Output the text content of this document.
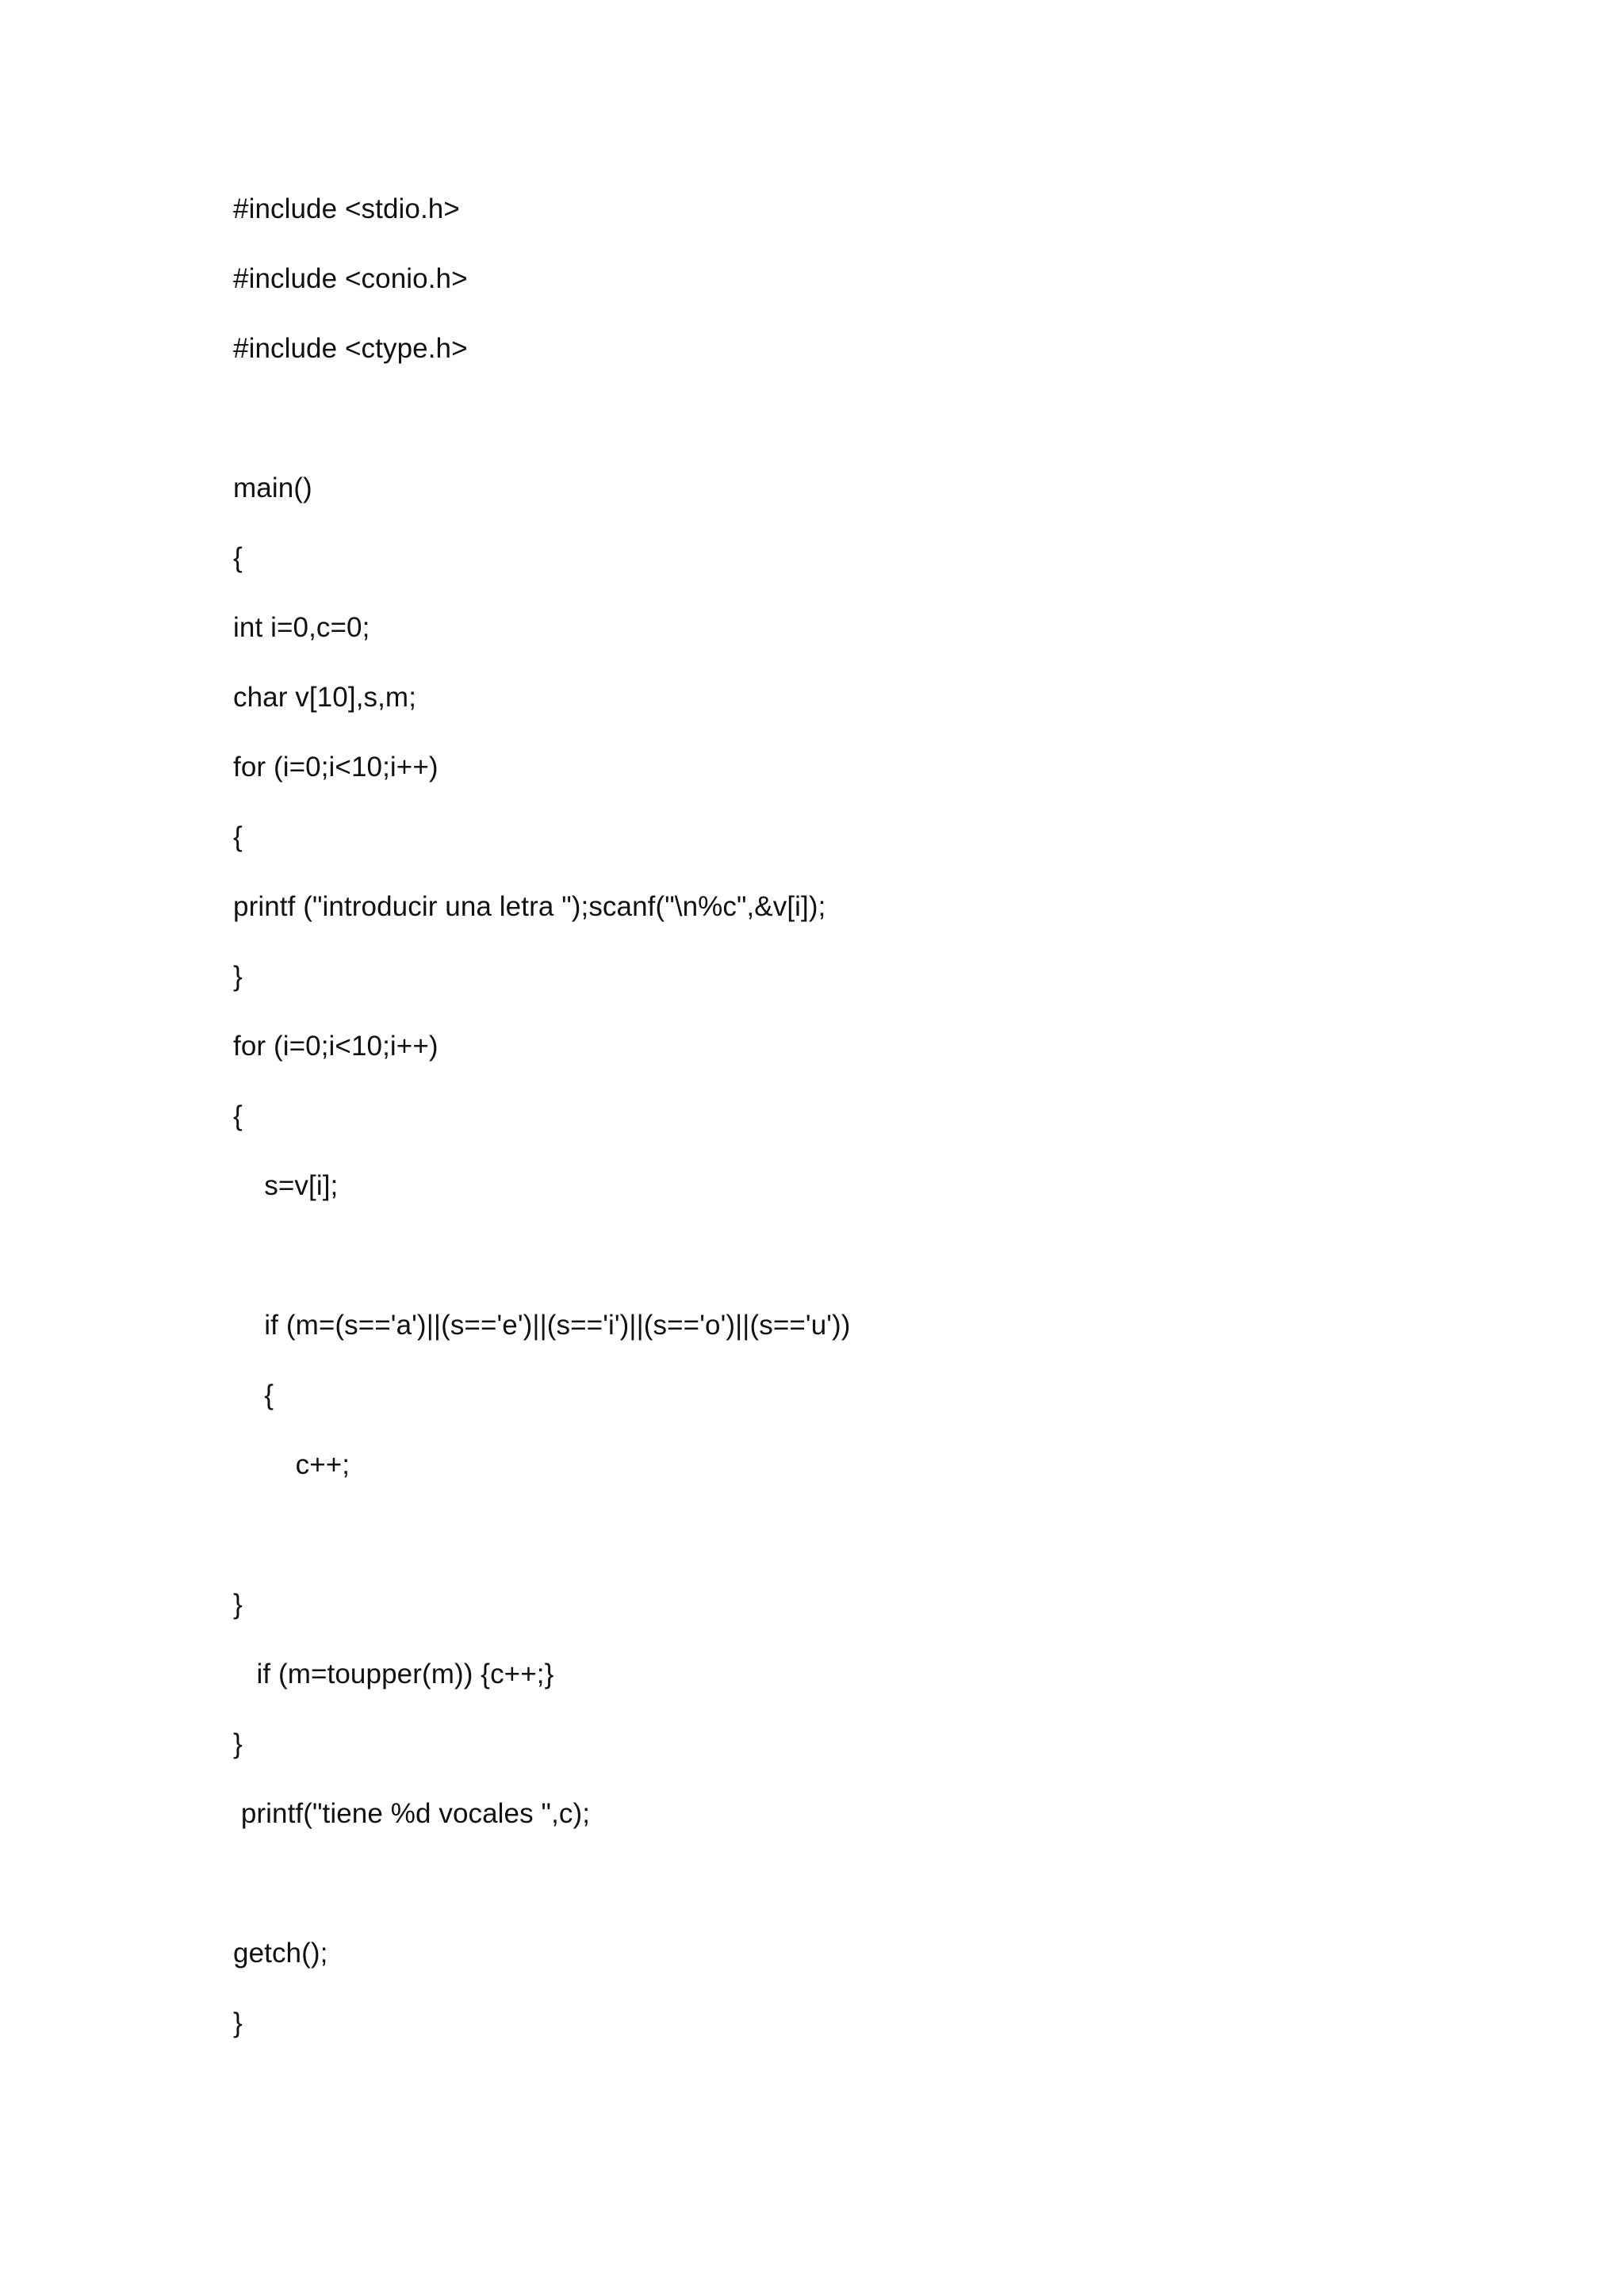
#include <stdio.h>
#include <conio.h>
#include <ctype.h>
main()
{
int i=0,c=0;
char v[10],s,m;
for (i=0;i<10;i++)
{
printf ("introducir una letra ");scanf("\n%c",&v[i]);
}
for (i=0;i<10;i++)
{
s=v[i];
if (m=(s=='a')||(s=='e')||(s=='i')||(s=='o')||(s=='u'))
{
c++;
}
if (m=toupper(m)) {c++;}
}
printf("tiene %d vocales ",c);
getch();
}
